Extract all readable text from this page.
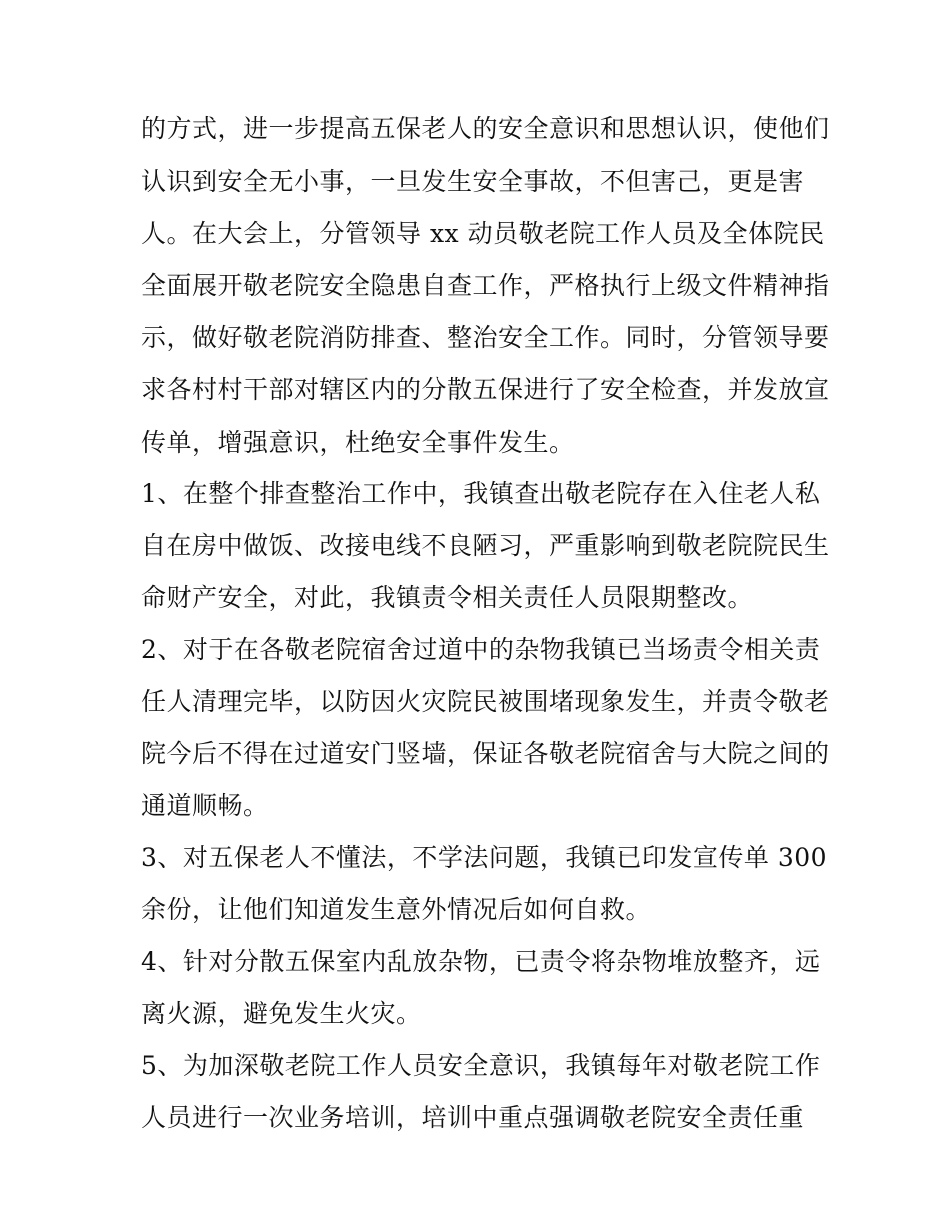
的方式，进一步提高五保老人的安全意识和思想认识，使他们
认识到安全无小事，一旦发生安全事故，不但害己，更是害
人。在大会上，分管领导 xx 动员敬老院工作人员及全体院民
全面展开敬老院安全隐患自查工作，严格执行上级文件精神指
示，做好敬老院消防排查、整治安全工作。同时，分管领导要
求各村村干部对辖区内的分散五保进行了安全检查，并发放宣
传单，增强意识，杜绝安全事件发生。
1、在整个排查整治工作中，我镇查出敬老院存在入住老人私
自在房中做饭、改接电线不良陋习，严重影响到敬老院院民生
命财产安全，对此，我镇责令相关责任人员限期整改。
2、对于在各敬老院宿舍过道中的杂物我镇已当场责令相关责
任人清理完毕，以防因火灾院民被围堵现象发生，并责令敬老
院今后不得在过道安门竖墙，保证各敬老院宿舍与大院之间的
通道顺畅。
3、对五保老人不懂法，不学法问题，我镇已印发宣传单 300
余份，让他们知道发生意外情况后如何自救。
4、针对分散五保室内乱放杂物，已责令将杂物堆放整齐，远
离火源，避免发生火灾。
5、为加深敬老院工作人员安全意识，我镇每年对敬老院工作
人员进行一次业务培训，培训中重点强调敬老院安全责任重
